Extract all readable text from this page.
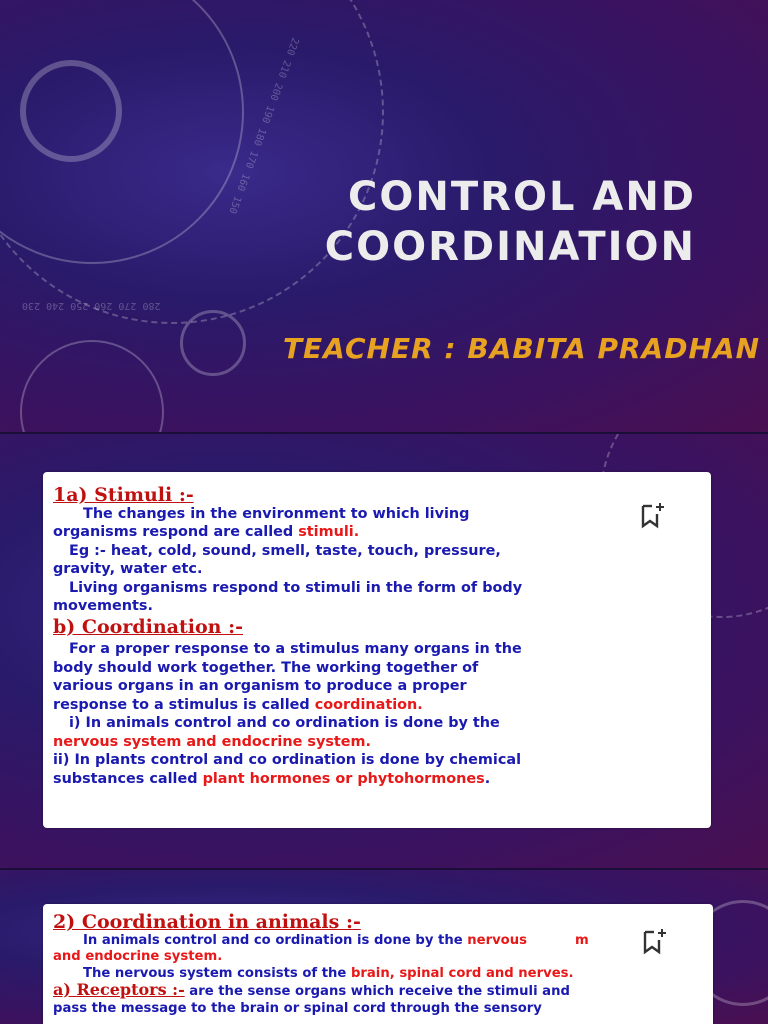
280 270 260 250 240 230
220 210 200 190 180 170 160 150	CONTROL AND
COORDINATION
TEACHER : BABITA PRADHAN
1a) Stimuli :-
The changes in the environment to which living
organisms respond are called stimuli.
Eg :- heat, cold, sound, smell, taste, touch, pressure,
gravity, water etc.
Living organisms respond to stimuli in the form of body
movements.
b) Coordination :-
For a proper response to a stimulus many organs in the
body should work together. The working together of
various organs in an organism to produce a proper
response to a stimulus is called coordination.
i) In animals control and co ordination is done by the
nervous system and endocrine system.
ii) In plants control and co ordination is done by chemical
substances called plant hormones or phytohormones.
2) Coordination in animals :-
In animals control and co ordination is done by the nervous	m
and endocrine system.
The nervous system consists of the brain, spinal cord and nerves.
a) Receptors :- are the sense organs which receive the stimuli and
pass the message to the brain or spinal cord through the sensory
